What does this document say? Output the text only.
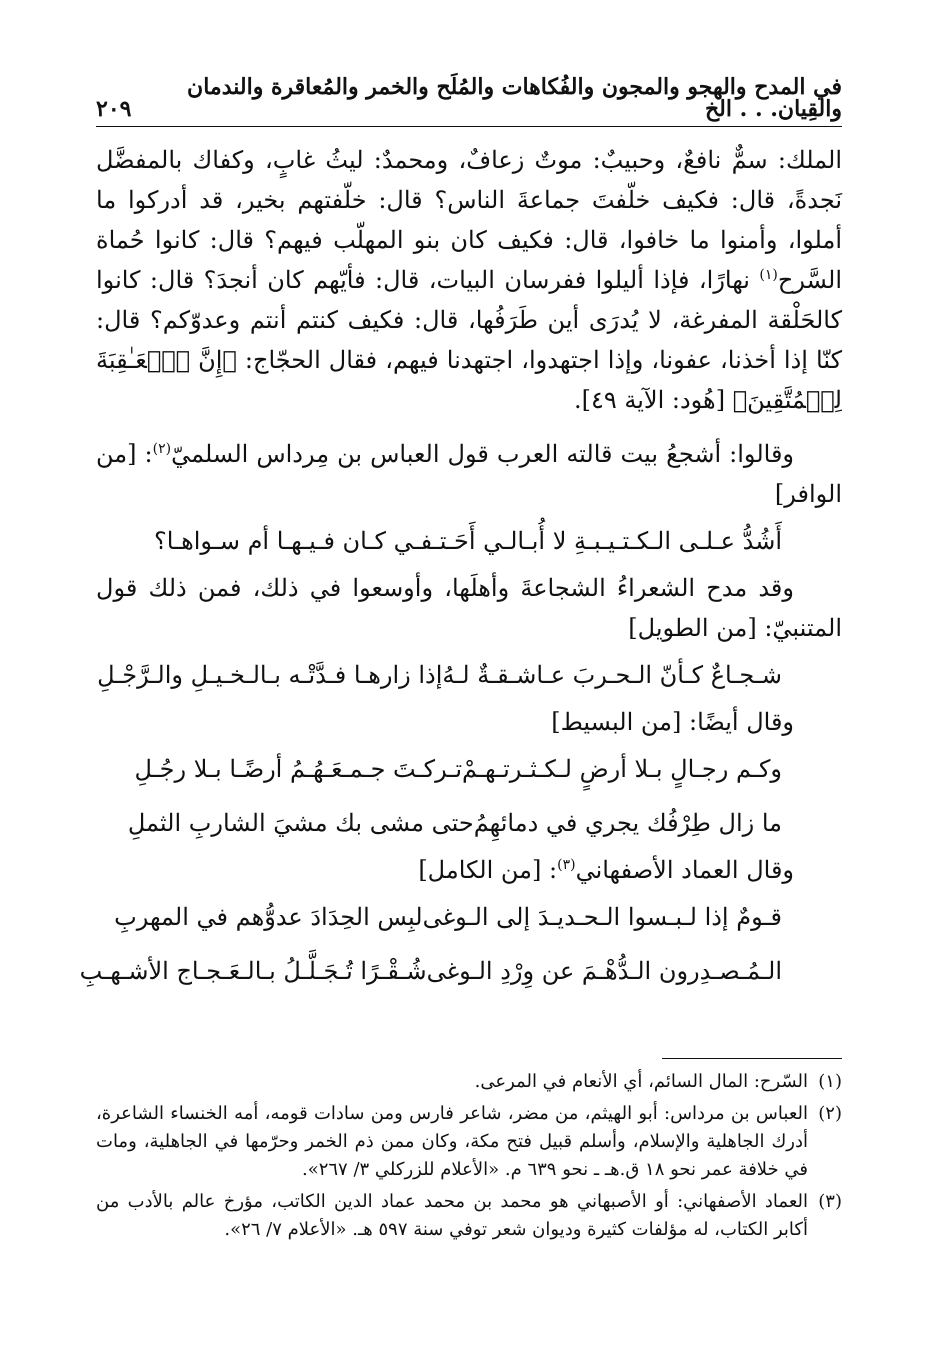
في المدح والهجو والمجون والفُكاهات والمُلَح والخمر والمُعاقرة والندمان والقِيان. . . الخ
٢٠٩

الملك: سمٌّ نافعٌ، وحبيبٌ: موتٌ زعافٌ، ومحمدٌ: ليثُ غابٍ، وكفاك بالمفضَّل نَجدةً، قال: فكيف خلّفتَ جماعةَ الناس؟ قال: خلّفتهم بخير، قد أدركوا ما أملوا، وأمنوا ما خافوا، قال: فكيف كان بنو المهلّب فيهم؟ قال: كانوا حُماة السَّرح$^{(١)}$ نهارًا، فإذا أليلوا ففرسان البيات، قال: فأيّهم كان أنجدَ؟ قال: كانوا كالحَلْقة المفرغة، لا يُدرَى أين طَرَفُها، قال: فكيف كنتم أنتم وعدوّكم؟ قال: كنّا إذا أخذنا، عفونا، وإذا اجتهدوا، اجتهدنا فيهم، فقال الحجّاج: ﴿إِنَّ ٱلۡعَـٰقِبَةَ لِلۡمُتَّقِينَ﴾ [هُود: الآية ٤٩].

وقالوا: أشجعُ بيت قالته العرب قول العباس بن مِرداس السلميّ$^{(٢)}$: [من الوافر]

أَشُدُّ عـلـى الـكـتـيـبـةِ لا أُبـالـي
أَحَـتـفـي كـان فـيـهـا أم سـواهـا؟

وقد مدح الشعراءُ الشجاعةَ وأهلَها، وأوسعوا في ذلك، فمن ذلك قول المتنبيّ: [من الطويل]

شـجـاعٌ كـأنّ الـحـربَ عـاشـقـةٌ لـهُ
إذا زارهـا فـدَّتْـه بـالـخـيـلِ والـرَّجْـلِ

وقال أيضًا: [من البسيط]

وكـم رجـالٍ بـلا أرضٍ لـكـثـرتـهـمْ
تـركـتَ جـمـعَـهُـمُ أرضًـا بـلا رجُـلِ
ما زال طِرْفُك يجري في دمائهِمُ
حتى مشى بك مشيَ الشاربِ الثملِ

وقال العماد الأصفهاني$^{(٣)}$: [من الكامل]

قـومٌ إذا لـبـسوا الـحـديـدَ إلى الـوغى
لبِس الحِدَادَ عدوُّهم في المهربِ
الـمُـصـدِرون الـدُّهْـمَ عن وِرْدِ الـوغى
شُـقْـرًا تُـجَـلَّـلُ بـالـعَـجـاج الأشـهـبِ
(١)
السّرح: المال السائم، أي الأنعام في المرعى.
(٢)
العباس بن مرداس: أبو الهيثم، من مضر، شاعر فارس ومن سادات قومه، أمه الخنساء الشاعرة، أدرك الجاهلية والإسلام، وأسلم قبيل فتح مكة، وكان ممن ذم الخمر وحرّمها في الجاهلية، ومات في خلافة عمر نحو ١٨ ق.هـ ـ نحو ٦٣٩ م. «الأعلام للزركلي ٣/ ٢٦٧».
(٣)
العماد الأصفهاني: أو الأصبهاني هو محمد بن محمد عماد الدين الكاتب، مؤرخ عالم بالأدب من أكابر الكتاب، له مؤلفات كثيرة وديوان شعر توفي سنة ٥٩٧ هـ. «الأعلام ٧/ ٢٦».
